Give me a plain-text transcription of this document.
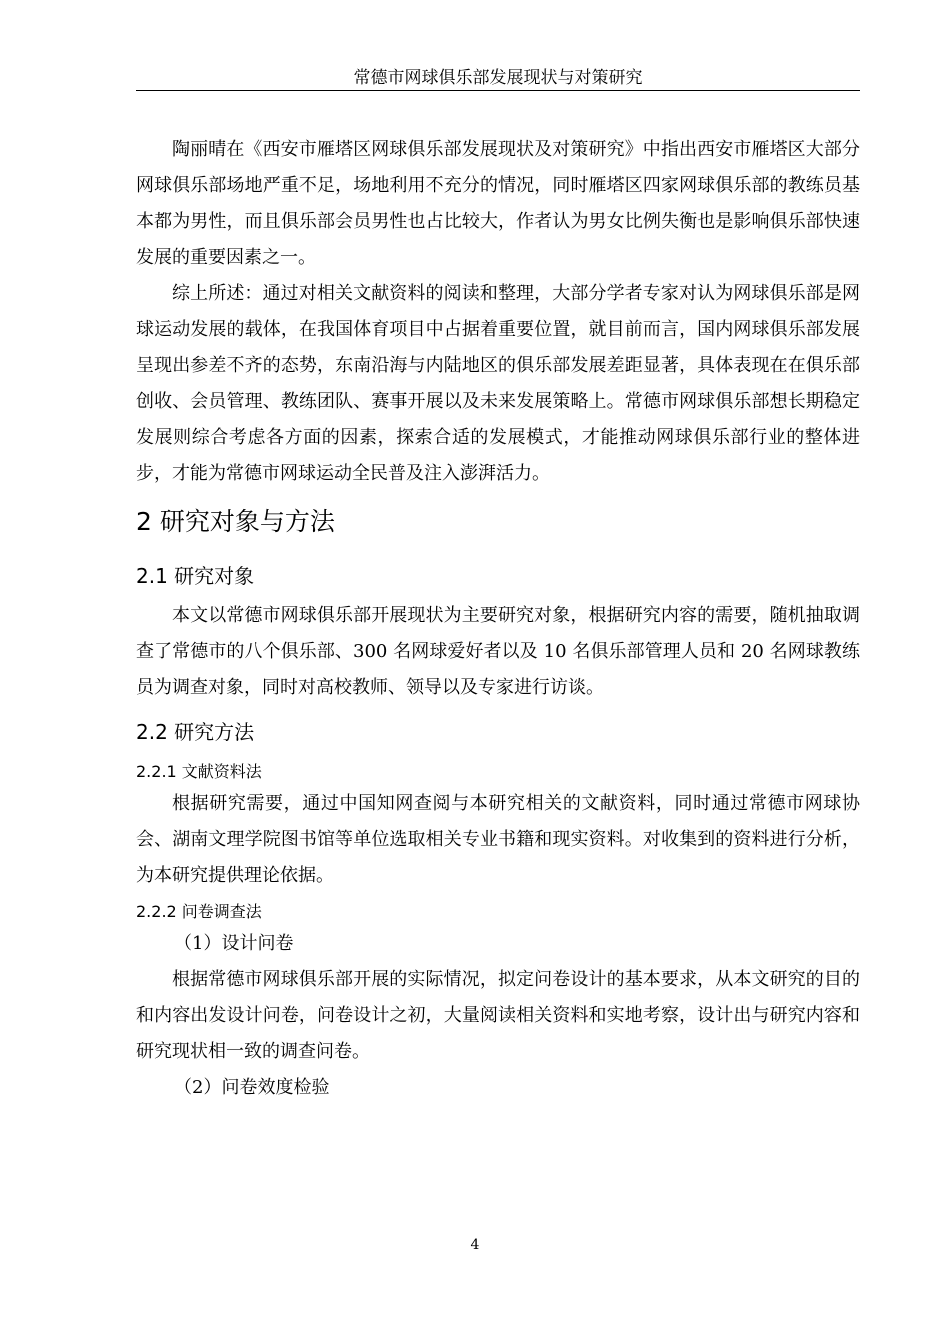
常德市网球俱乐部发展现状与对策研究

陶丽晴在《西安市雁塔区网球俱乐部发展现状及对策研究》中指出西安市雁塔区大部分网球俱乐部场地严重不足，场地利用不充分的情况，同时雁塔区四家网球俱乐部的教练员基本都为男性，而且俱乐部会员男性也占比较大，作者认为男女比例失衡也是影响俱乐部快速发展的重要因素之一。

综上所述：通过对相关文献资料的阅读和整理，大部分学者专家对认为网球俱乐部是网球运动发展的载体，在我国体育项目中占据着重要位置，就目前而言，国内网球俱乐部发展呈现出参差不齐的态势，东南沿海与内陆地区的俱乐部发展差距显著，具体表现在在俱乐部创收、会员管理、教练团队、赛事开展以及未来发展策略上。常德市网球俱乐部想长期稳定发展则综合考虑各方面的因素，探索合适的发展模式，才能推动网球俱乐部行业的整体进步，才能为常德市网球运动全民普及注入澎湃活力。

2 研究对象与方法
2.1 研究对象

本文以常德市网球俱乐部开展现状为主要研究对象，根据研究内容的需要，随机抽取调查了常德市的八个俱乐部、300 名网球爱好者以及 10 名俱乐部管理人员和 20 名网球教练员为调查对象，同时对高校教师、领导以及专家进行访谈。

2.2 研究方法
2.2.1 文献资料法

根据研究需要，通过中国知网查阅与本研究相关的文献资料，同时通过常德市网球协会、湖南文理学院图书馆等单位选取相关专业书籍和现实资料。对收集到的资料进行分析，为本研究提供理论依据。

2.2.2 问卷调查法

（1）设计问卷

根据常德市网球俱乐部开展的实际情况，拟定问卷设计的基本要求，从本文研究的目的和内容出发设计问卷，问卷设计之初，大量阅读相关资料和实地考察，设计出与研究内容和研究现状相一致的调查问卷。

（2）问卷效度检验

4
